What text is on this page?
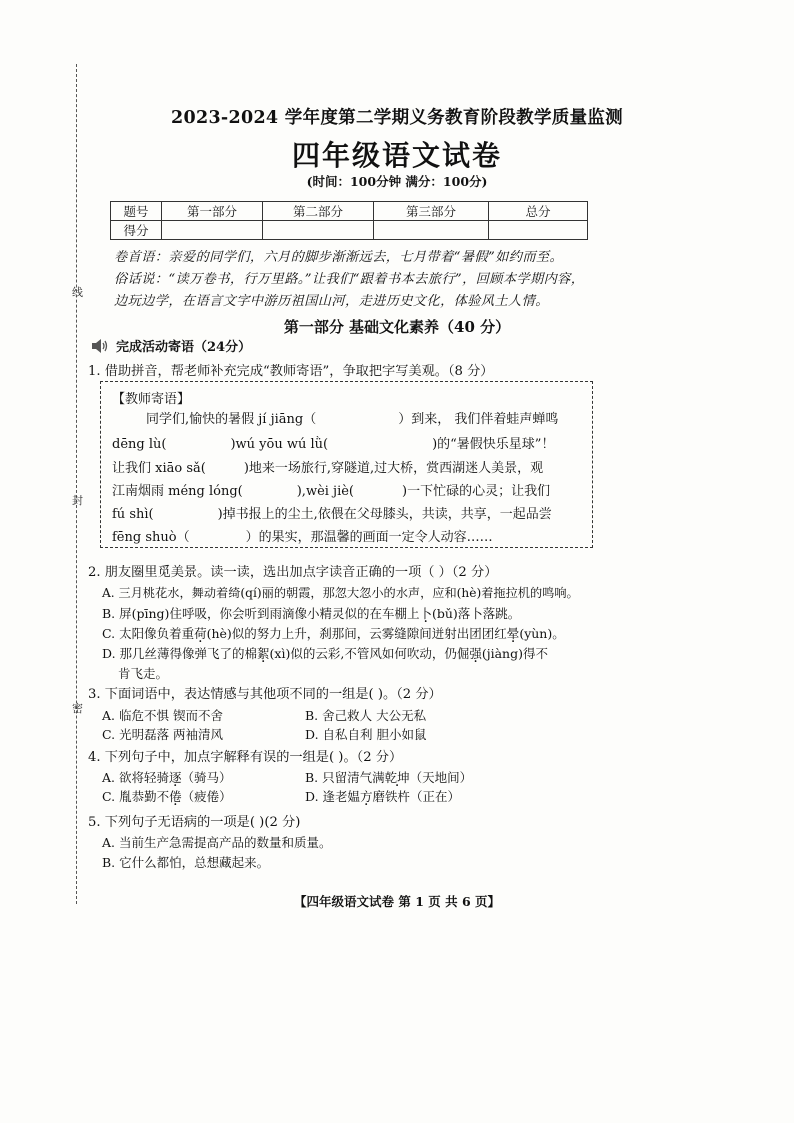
线
封
密
2023-2024 学年度第二学期义务教育阶段教学质量监测
四年级语文试卷
(时间：100分钟 满分：100分)
题号	第一部分	第二部分	第三部分	总分
得分				
卷首语：亲爱的同学们，六月的脚步渐渐远去，七月带着“暑假”如约而至。
俗话说：“读万卷书，行万里路。”让我们“跟着书本去旅行”，回顾本学期内容，
边玩边学，在语言文字中游历祖国山河，走进历史文化，体验风土人情。
第一部分 基础文化素养（40 分）
完成活动寄语（24分）
1. 借助拼音，帮老师补充完成“教师寄语”，争取把字写美观。（8 分）
【教师寄语】
同学们,愉快的暑假 jí jiāng（	）到来， 我们伴着蛙声蝉鸣
dēng lù(	)wú yōu wú lǜ(	)的“暑假快乐星球”！
让我们 xiāo sǎ(	)地来一场旅行,穿隧道,过大桥，赏西湖迷人美景，观
江南烟雨 méng lóng(	),wèi jiè(	)一下忙碌的心灵；让我们
fú shì(	)掉书报上的尘土,依偎在父母膝头，共读，共享，一起品尝
fēng shuò（	）的果实，那温馨的画面一定令人动容……
2. 朋友圈里觅美景。读一读，选出加点字读音正确的一项（ ）（2 分）
A. 三月桃花水，舞动着绮(qí)丽的朝霞，那忽大忽小的水声，应和(hè)着拖拉机的鸣响。
B. 屏(pīng)住呼吸，你会听到雨滴像小精灵似的在车棚上卜(bǔ)落卜落跳。
C. 太阳像负着重荷(hè)似的努力上升，刹那间，云雾缝隙间迸射出团团红晕(yùn)。
D. 那几丝薄得像弹飞了的棉絮(xì)似的云彩,不管风如何吹动，仍倔强(jiàng)得不
肯飞走。
3. 下面词语中，表达情感与其他项不同的一组是( )。（2 分）
A. 临危不惧 锲而不舍	B. 舍己救人 大公无私
C. 光明磊落 两袖清风	D. 自私自利 胆小如鼠
4. 下列句子中，加点字解释有误的一组是( )。（2 分）
A. 欲将轻骑逐（骑马）	B. 只留清气满乾坤（天地间）
C. 胤恭勤不倦（疲倦）	D. 逢老媪方磨铁杵（正在）
5. 下列句子无语病的一项是( )(2 分)
A. 当前生产急需提高产品的数量和质量。
B. 它什么都怕，总想藏起来。
【四年级语文试卷 第 1 页 共 6 页】
